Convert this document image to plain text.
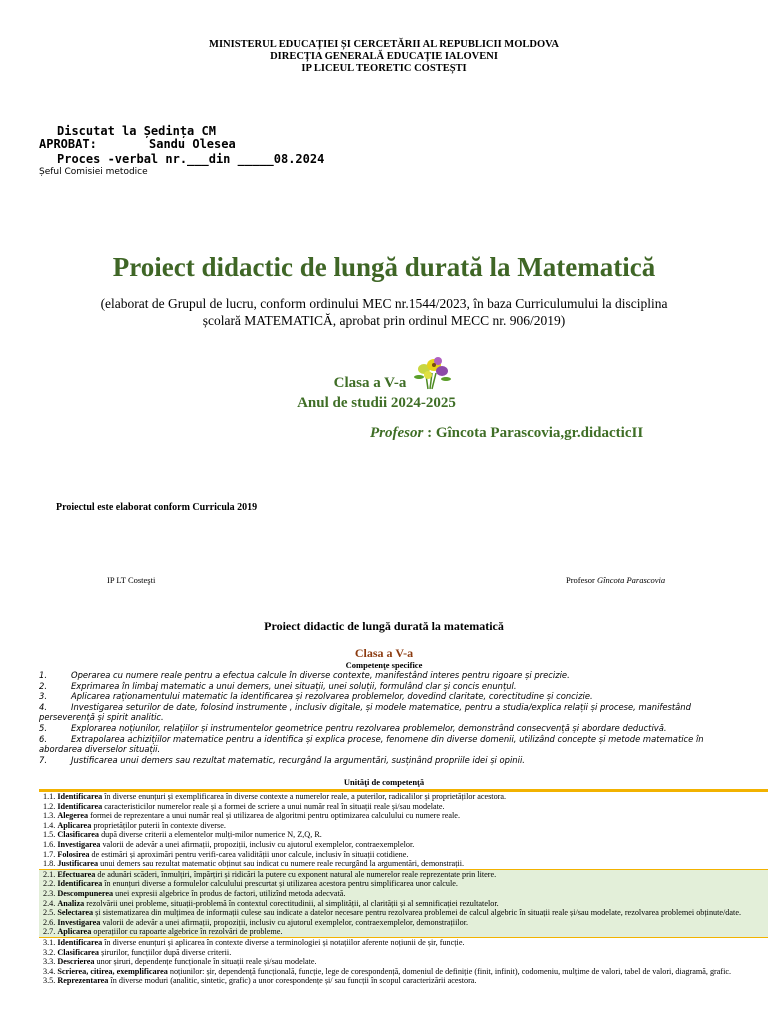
MINISTERUL EDUCAȚIEI ȘI CERCETĂRII AL REPUBLICII MOLDOVA
DIRECȚIA GENERALĂ EDUCAȚIE IALOVENI
IP LICEUL TEORETIC COSTEȘTI
Discutat la Ședința CM
APROBAT:	Sandu Olesea
Proces -verbal nr.___din _____08.2024
Șeful Comisiei metodice
Proiect didactic de lungă durată la Matematică
(elaborat de Grupul de lucru, conform ordinului MEC nr.1544/2023, în baza Curriculumului la disciplina școlară MATEMATICĂ, aprobat prin ordinul MECC nr. 906/2019)
Clasa a V-a
Anul de studii 2024-2025
Profesor : Gîncota Parascovia,gr.didacticII
Proiectul este elaborat conform Curricula 2019
IP LT Costeşti	Profesor Gîncota Parascovia
Proiect didactic de lungă durată la matematică
Clasa a V-a
Competenţe specifice
1.	Operarea cu numere reale pentru a efectua calcule în diverse contexte, manifestând interes pentru rigoare și precizie.
2.	Exprimarea în limbaj matematic a unui demers, unei situații, unei soluții, formulând clar și concis enunțul.
3.	Aplicarea raționamentului matematic la identificarea și rezolvarea problemelor, dovedind claritate, corectitudine și concizie.
4.	Investigarea seturilor de date, folosind instrumente , inclusiv digitale, și modele matematice, pentru a studia/explica relații și procese, manifestând perseverență și spirit analitic.
5.	Explorarea noțiunilor, relațiilor și instrumentelor geometrice pentru rezolvarea problemelor, demonstrând consecvență și abordare deductivă.
6.	Extrapolarea achizițiilor matematice pentru a identifica și explica procese, fenomene din diverse domenii, utilizând concepte și metode matematice în abordarea diverselor situații.
7.	Justificarea unui demers sau rezultat matematic, recurgând la argumentări, susținând propriile idei și opinii.
Unităţi de competenţă
1.1. Identificarea în diverse enunțuri și exemplificarea în diverse contexte a numerelor reale, a puterilor, radicalilor și proprietăților acestora.
1.2. Identificarea caracteristicilor numerelor reale și a formei de scriere a unui număr real în situații reale și/sau modelate.
1.3. Alegerea formei de reprezentare a unui număr real și utilizarea de algoritmi pentru optimizarea calculului cu numere reale.
1.4. Aplicarea proprietăților puterii în contexte diverse.
1.5. Clasificarea după diverse criterii a elementelor mulți-milor numerice N, Z,Q, R.
1.6. Investigarea valorii de adevăr a unei afirmații, propoziții, inclusiv cu ajutorul exemplelor, contraexemplelor.
1.7. Folosirea de estimări și aproximări pentru verifi-carea validității unor calcule, inclusiv în situații cotidiene.
1.8. Justificarea unui demers sau rezultat matematic obținut sau indicat cu numere reale recurgând la argumentări, demonstrații.
2.1. Efectuarea de adunări scăderi, înmulțiri, împărțiri și ridicări la putere cu exponent natural ale numerelor reale reprezentate prin litere.
2.2. Identificarea în enunțuri diverse a formulelor calculului prescurtat și utilizarea acestora pentru simplificarea unor calcule.
2.3. Descompunerea unei expresii algebrice în produs de factori, utilizînd metoda adecvată.
2.4. Analiza rezolvării unei probleme, situații-problemă în contextul corectitudinii, al simplității, al clarității și al semnificației rezultatelor.
2.5. Selectarea și sistematizarea din mulțimea de informații culese sau indicate a datelor necesare pentru rezolvarea problemei de calcul algebric în situații reale și/sau modelate, rezolvarea problemei obținute/date.
2.6. Investigarea valorii de adevăr a unei afirmații, propoziții, inclusiv cu ajutorul exemplelor, contraexemplelor, demonstrațiilor.
2.7. Aplicarea operațiilor cu rapoarte algebrice în rezolvări de probleme.
3.1. Identificarea în diverse enunțuri și aplicarea în contexte diverse a terminologiei și notațiilor aferente noțiunii de șir, funcție.
3.2. Clasificarea șirurilor, funcțiilor după diverse criterii.
3.3. Descrierea unor șiruri, dependențe funcționale în situații reale și/sau modelate.
3.4. Scrierea, citirea, exemplificarea noțiunilor: șir, dependență funcțională, funcție, lege de corespondență, domeniul de definiție (finit, infinit), codomeniu, mulțime de valori, tabel de valori, diagramă, grafic.
3.5. Reprezentarea în diverse moduri (analitic, sintetic, grafic) a unor corespondențe și/ sau funcții în scopul caracterizării acestora.
